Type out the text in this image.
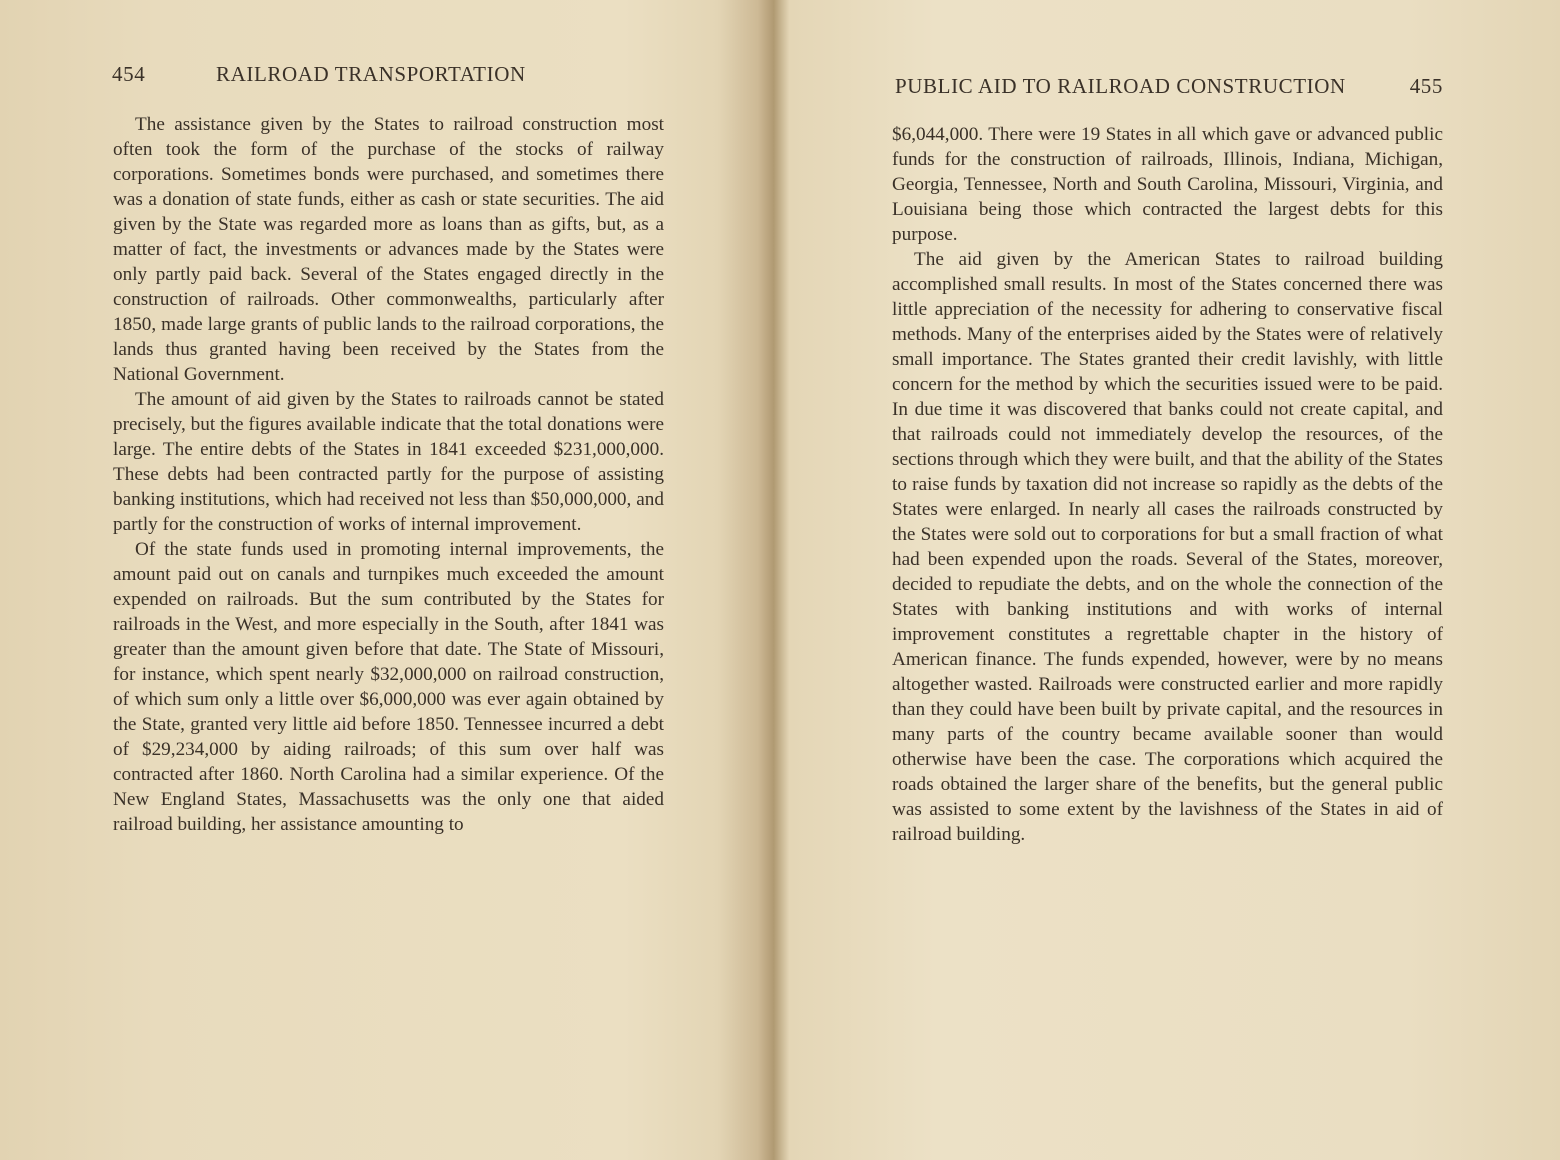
454	RAILROAD TRANSPORTATION

The assistance given by the States to railroad construction most often took the form of the purchase of the stocks of railway corporations. Sometimes bonds were purchased, and sometimes there was a donation of state funds, either as cash or state securities. The aid given by the State was regarded more as loans than as gifts, but, as a matter of fact, the investments or advances made by the States were only partly paid back. Several of the States engaged directly in the construction of railroads. Other commonwealths, particularly after 1850, made large grants of public lands to the railroad corporations, the lands thus granted having been received by the States from the National Government.

The amount of aid given by the States to railroads cannot be stated precisely, but the figures available indicate that the total donations were large. The entire debts of the States in 1841 exceeded $231,000,000. These debts had been contracted partly for the purpose of assisting banking institutions, which had received not less than $50,000,000, and partly for the construction of works of internal improvement.

Of the state funds used in promoting internal improvements, the amount paid out on canals and turnpikes much exceeded the amount expended on railroads. But the sum contributed by the States for railroads in the West, and more especially in the South, after 1841 was greater than the amount given before that date. The State of Missouri, for instance, which spent nearly $32,000,000 on railroad construction, of which sum only a little over $6,000,000 was ever again obtained by the State, granted very little aid before 1850. Tennessee incurred a debt of $29,234,000 by aiding railroads; of this sum over half was contracted after 1860. North Carolina had a similar experience. Of the New England States, Massachusetts was the only one that aided railroad building, her assistance amounting to

PUBLIC AID TO RAILROAD CONSTRUCTION	455

$6,044,000. There were 19 States in all which gave or advanced public funds for the construction of railroads, Illinois, Indiana, Michigan, Georgia, Tennessee, North and South Carolina, Missouri, Virginia, and Louisiana being those which contracted the largest debts for this purpose.

The aid given by the American States to railroad building accomplished small results. In most of the States concerned there was little appreciation of the necessity for adhering to conservative fiscal methods. Many of the enterprises aided by the States were of relatively small importance. The States granted their credit lavishly, with little concern for the method by which the securities issued were to be paid. In due time it was discovered that banks could not create capital, and that railroads could not immediately develop the resources, of the sections through which they were built, and that the ability of the States to raise funds by taxation did not increase so rapidly as the debts of the States were enlarged. In nearly all cases the railroads constructed by the States were sold out to corporations for but a small fraction of what had been expended upon the roads. Several of the States, moreover, decided to repudiate the debts, and on the whole the connection of the States with banking institutions and with works of internal improvement constitutes a regrettable chapter in the history of American finance. The funds expended, however, were by no means altogether wasted. Railroads were constructed earlier and more rapidly than they could have been built by private capital, and the resources in many parts of the country became available sooner than would otherwise have been the case. The corporations which acquired the roads obtained the larger share of the benefits, but the general public was assisted to some extent by the lavishness of the States in aid of railroad building.
